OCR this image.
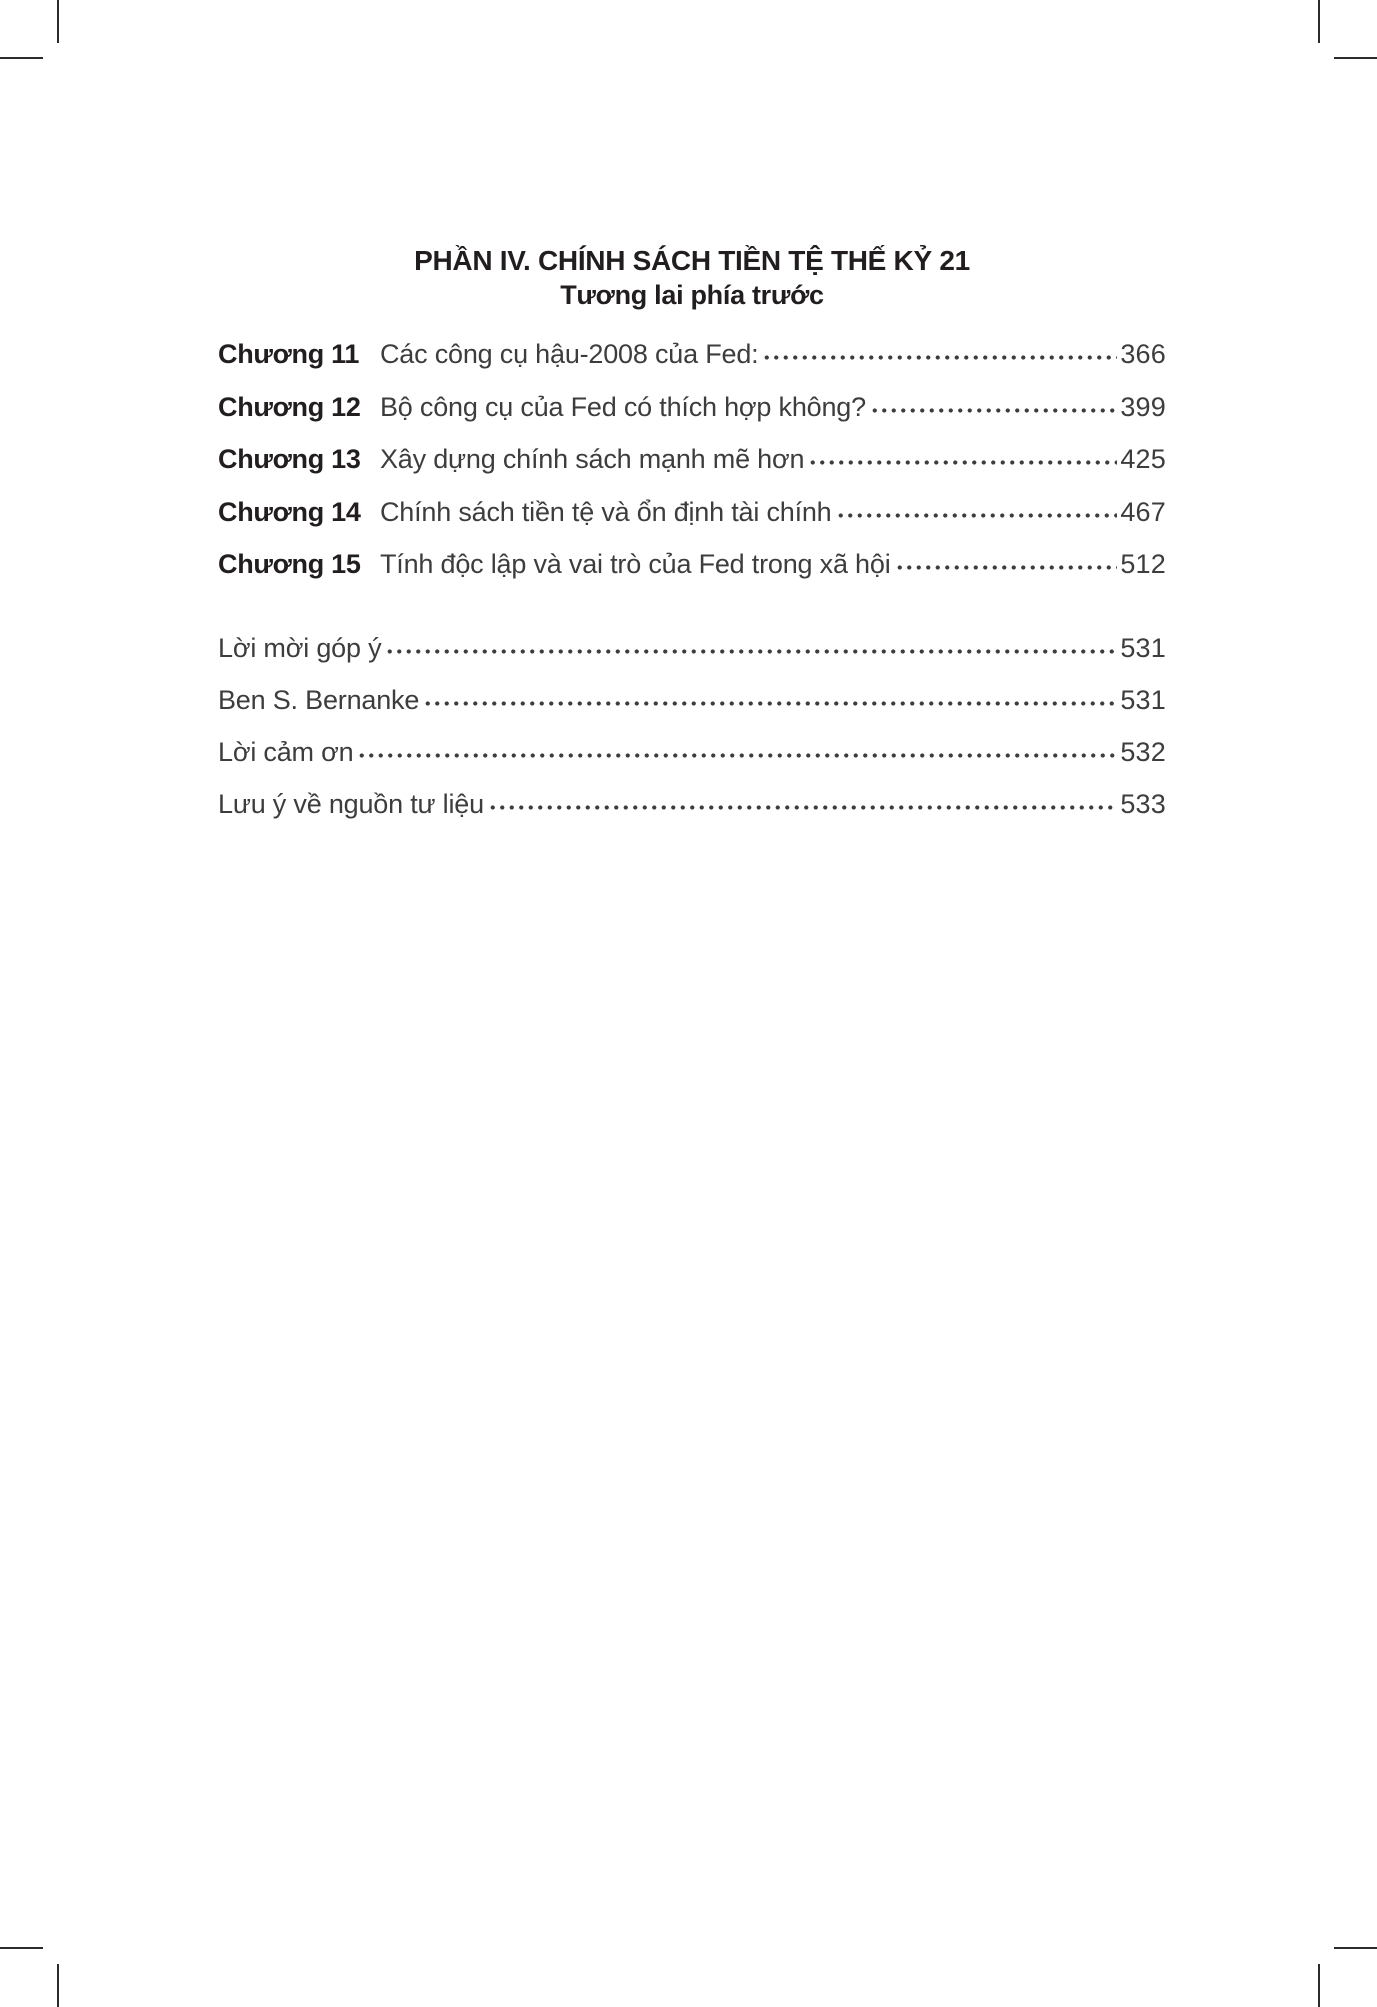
PHẦN IV. CHÍNH SÁCH TIỀN TỆ THẾ KỶ 21
Tương lai phía trước
Chương 11 Các công cụ hậu-2008 của Fed:	366
Chương 12 Bộ công cụ của Fed có thích hợp không?	399
Chương 13 Xây dựng chính sách mạnh mẽ hơn	425
Chương 14 Chính sách tiền tệ và ổn định tài chính	467
Chương 15 Tính độc lập và vai trò của Fed trong xã hội	512
Lời mời góp ý	531
Ben S. Bernanke	531
Lời cảm ơn	532
Lưu ý về nguồn tư liệu	533
